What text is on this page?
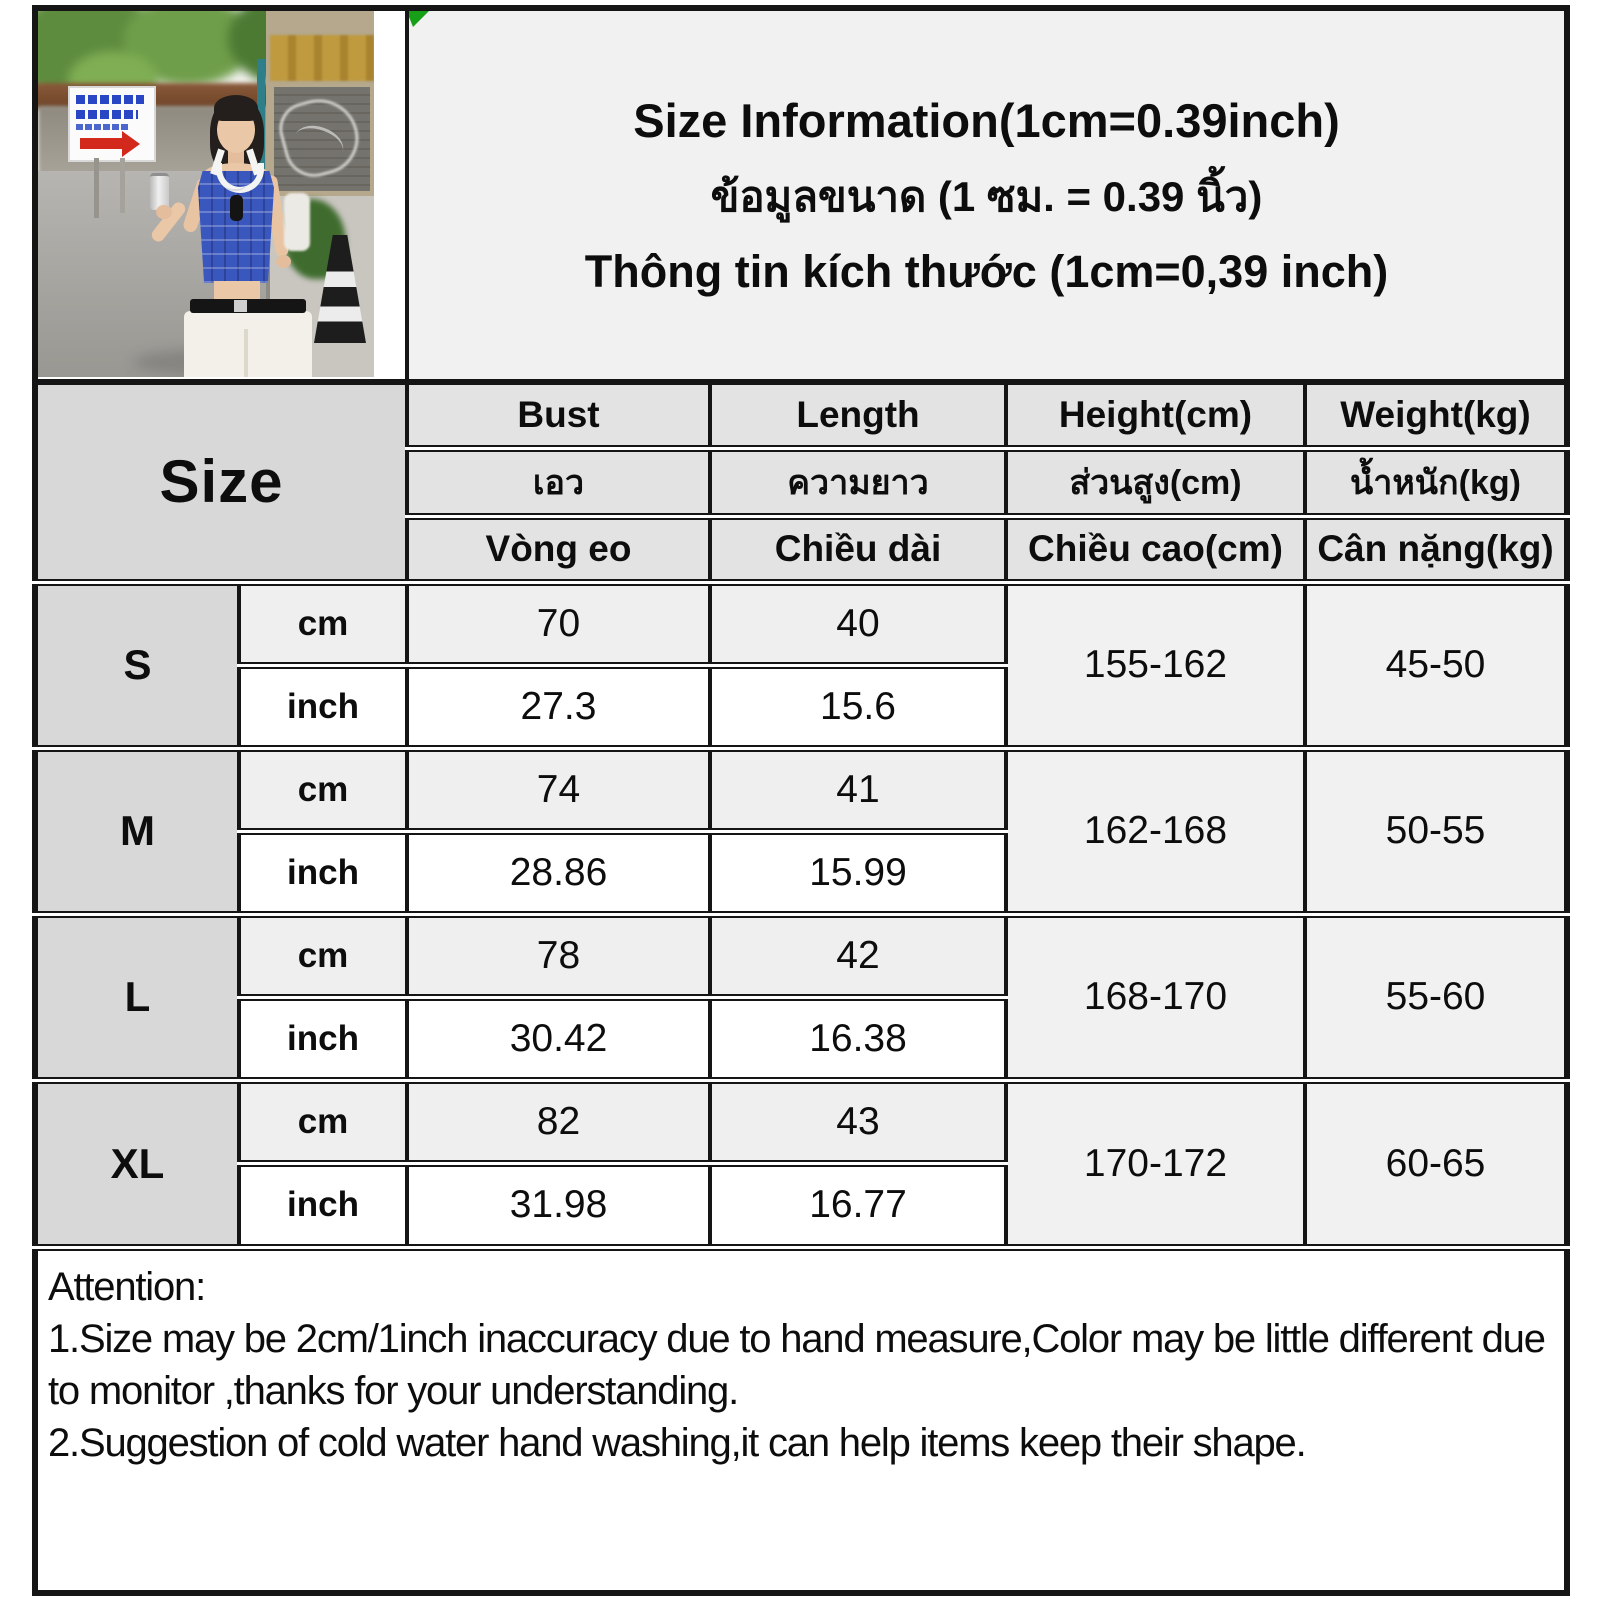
		Size Information(1cm=0.39inch)
ข้อมูลขนาด (1 ซม. = 0.39 นิ้ว)
Thông tin kích thước (1cm=0,39 inch)			

Size		Bust	Length	Height(cm)	Weight(kg)
		เอว	ความยาว	ส่วนสูง(cm)	น้ำหนัก(kg)
		Vòng eo	Chiều dài	Chiều cao(cm)	Cân nặng(kg)
S	cm	70	40	155-162	45-50
	inch	27.3	15.6		
M	cm	74	41	162-168	50-55
	inch	28.86	15.99		
L	cm	78	42	168-170	55-60
	inch	30.42	16.38		
XL	cm	82	43	170-172	60-65
	inch	31.98	16.77		

Attention:

1.Size may be 2cm/1inch inaccuracy due to hand measure,Color may be little different due to monitor ,thanks for your understanding.

2.Suggestion of cold water hand washing,it can help items keep their shape.					
